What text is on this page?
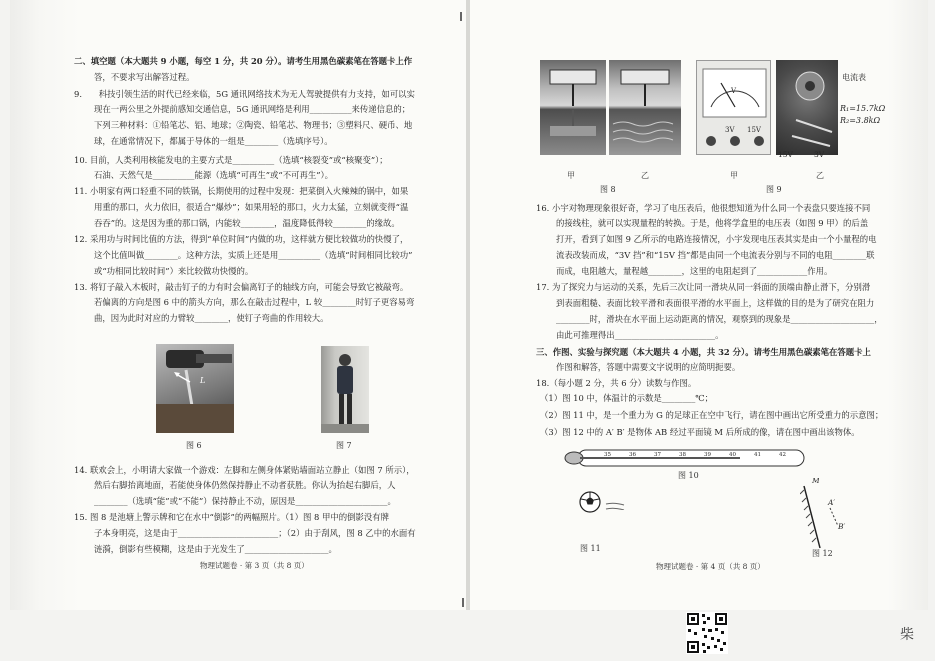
二、填空题（本大题共 9 小题，每空 1 分，共 20 分）。请考生用黑色碳素笔在答题卡上作
答，不要求写出解答过程。
9.　　科技引领生活的时代已经来临，5G 通讯网络技术为无人驾驶提供有力支持，如可以实
现在一两公里之外提前感知交通信息，5G 通讯网络是利用__________来传递信息的；
下列三种材料：①铅笔芯、铝、地球；②陶瓷、铅笔芯、物理书；③塑料尺、硬币、地
球，在通常情况下，都属于导体的一组是________（选填序号）。
10. 目前，人类利用核能发电的主要方式是__________（选填“核裂变”或“核聚变”）；
石油、天然气是__________能源（选填“可再生”或“不可再生”）。
11. 小明家有两口轻重不同的铁锅，长期使用的过程中发现：把菜倒入火辣辣的锅中，如果
用重的那口，火力依旧，很适合“爆炒”；如果用轻的那口，火力太猛，立刻就变得“温
吞吞”的。这是因为重的那口锅，内能较________，温度降低得较________的缘故。
12. 采用功与时间比值的方法，得到“单位时间”内做的功，这样就方便比较做功的快慢了，
这个比值叫做________。这种方法，实质上还是用__________（选填“时间相同比较功”
或“功相同比较时间”）来比较做功快慢的。
13. 将钉子敲入木板时，敲击钉子的力有时会偏离钉子的轴线方向，可能会导致它被敲弯。
若偏离的方向是图 6 中的箭头方向，那么在敲击过程中，L 较________时钉子更容易弯
曲，因为此时对应的力臂较________，使钉子弯曲的作用较大。
L
图 6	图 7
14. 联欢会上，小明请大家做一个游戏：左脚和左侧身体紧贴墙面站立静止（如图 7 所示），
然后右脚抬离地面，若能使身体仍然保持静止不动者获胜。你认为抬起右脚后，人
________（选填“能”或“不能”）保持静止不动，原因是______________________。
15. 图 8 是池塘上警示牌和它在水中“倒影”的两幅照片。（1）图 8 甲中的倒影没有牌
子本身明亮，这是由于________________________；（2）由于刮风，图 8 乙中的水面有
涟漪，倒影有些模糊，这是由于光发生了____________________。
物理试题卷 · 第 3 页（共 8 页）
甲	乙
图 8
V
3V 15V
电流表
R₁=15.7kΩ
R₂=3.8kΩ
15V	3V
甲	乙
图 9
16. 小宇对物理现象很好奇，学习了电压表后，他很想知道为什么同一个表盘只要连接不同
的接线柱，就可以实现量程的转换。于是，他将学盒里的电压表（如图 9 甲）的后盖
打开，看到了如图 9 乙所示的电路连接情况，小宇发现电压表其实是由一个小量程的电
流表改装而成，“3V 挡”和“15V 挡”都是由同一个电流表分别与不同的电阻________联
而成，电阻越大，量程越________，这里的电阻起到了____________作用。
17. 为了探究力与运动的关系，先后三次让同一滑块从同一斜面的顶端由静止滑下，分别滑
到表面粗糙、表面比较平滑和表面很平滑的水平面上，这样做的目的是为了研究在阻力
________时，滑块在水平面上运动距离的情况，观察到的现象是____________________，
由此可推理得出________________________。
三、作图、实验与探究题（本大题共 4 小题，共 32 分）。请考生用黑色碳素笔在答题卡上
作图和解答，答题中需要文字说明的应简明扼要。
18.（每小题 2 分，共 6 分）读数与作图。
（1）图 10 中，体温计的示数是________℃；
（2）图 11 中，是一个重力为 G 的足球正在空中飞行，请在图中画出它所受重力的示意图；
（3）图 12 中的 A′ B′ 是物体 AB 经过平面镜 M 后所成的像，请在图中画出该物体。
35	36	37	38	39	40	41	42
图 10
图 11
M
A′
B′
图 12
物理试题卷 · 第 4 页（共 8 页）
柴
